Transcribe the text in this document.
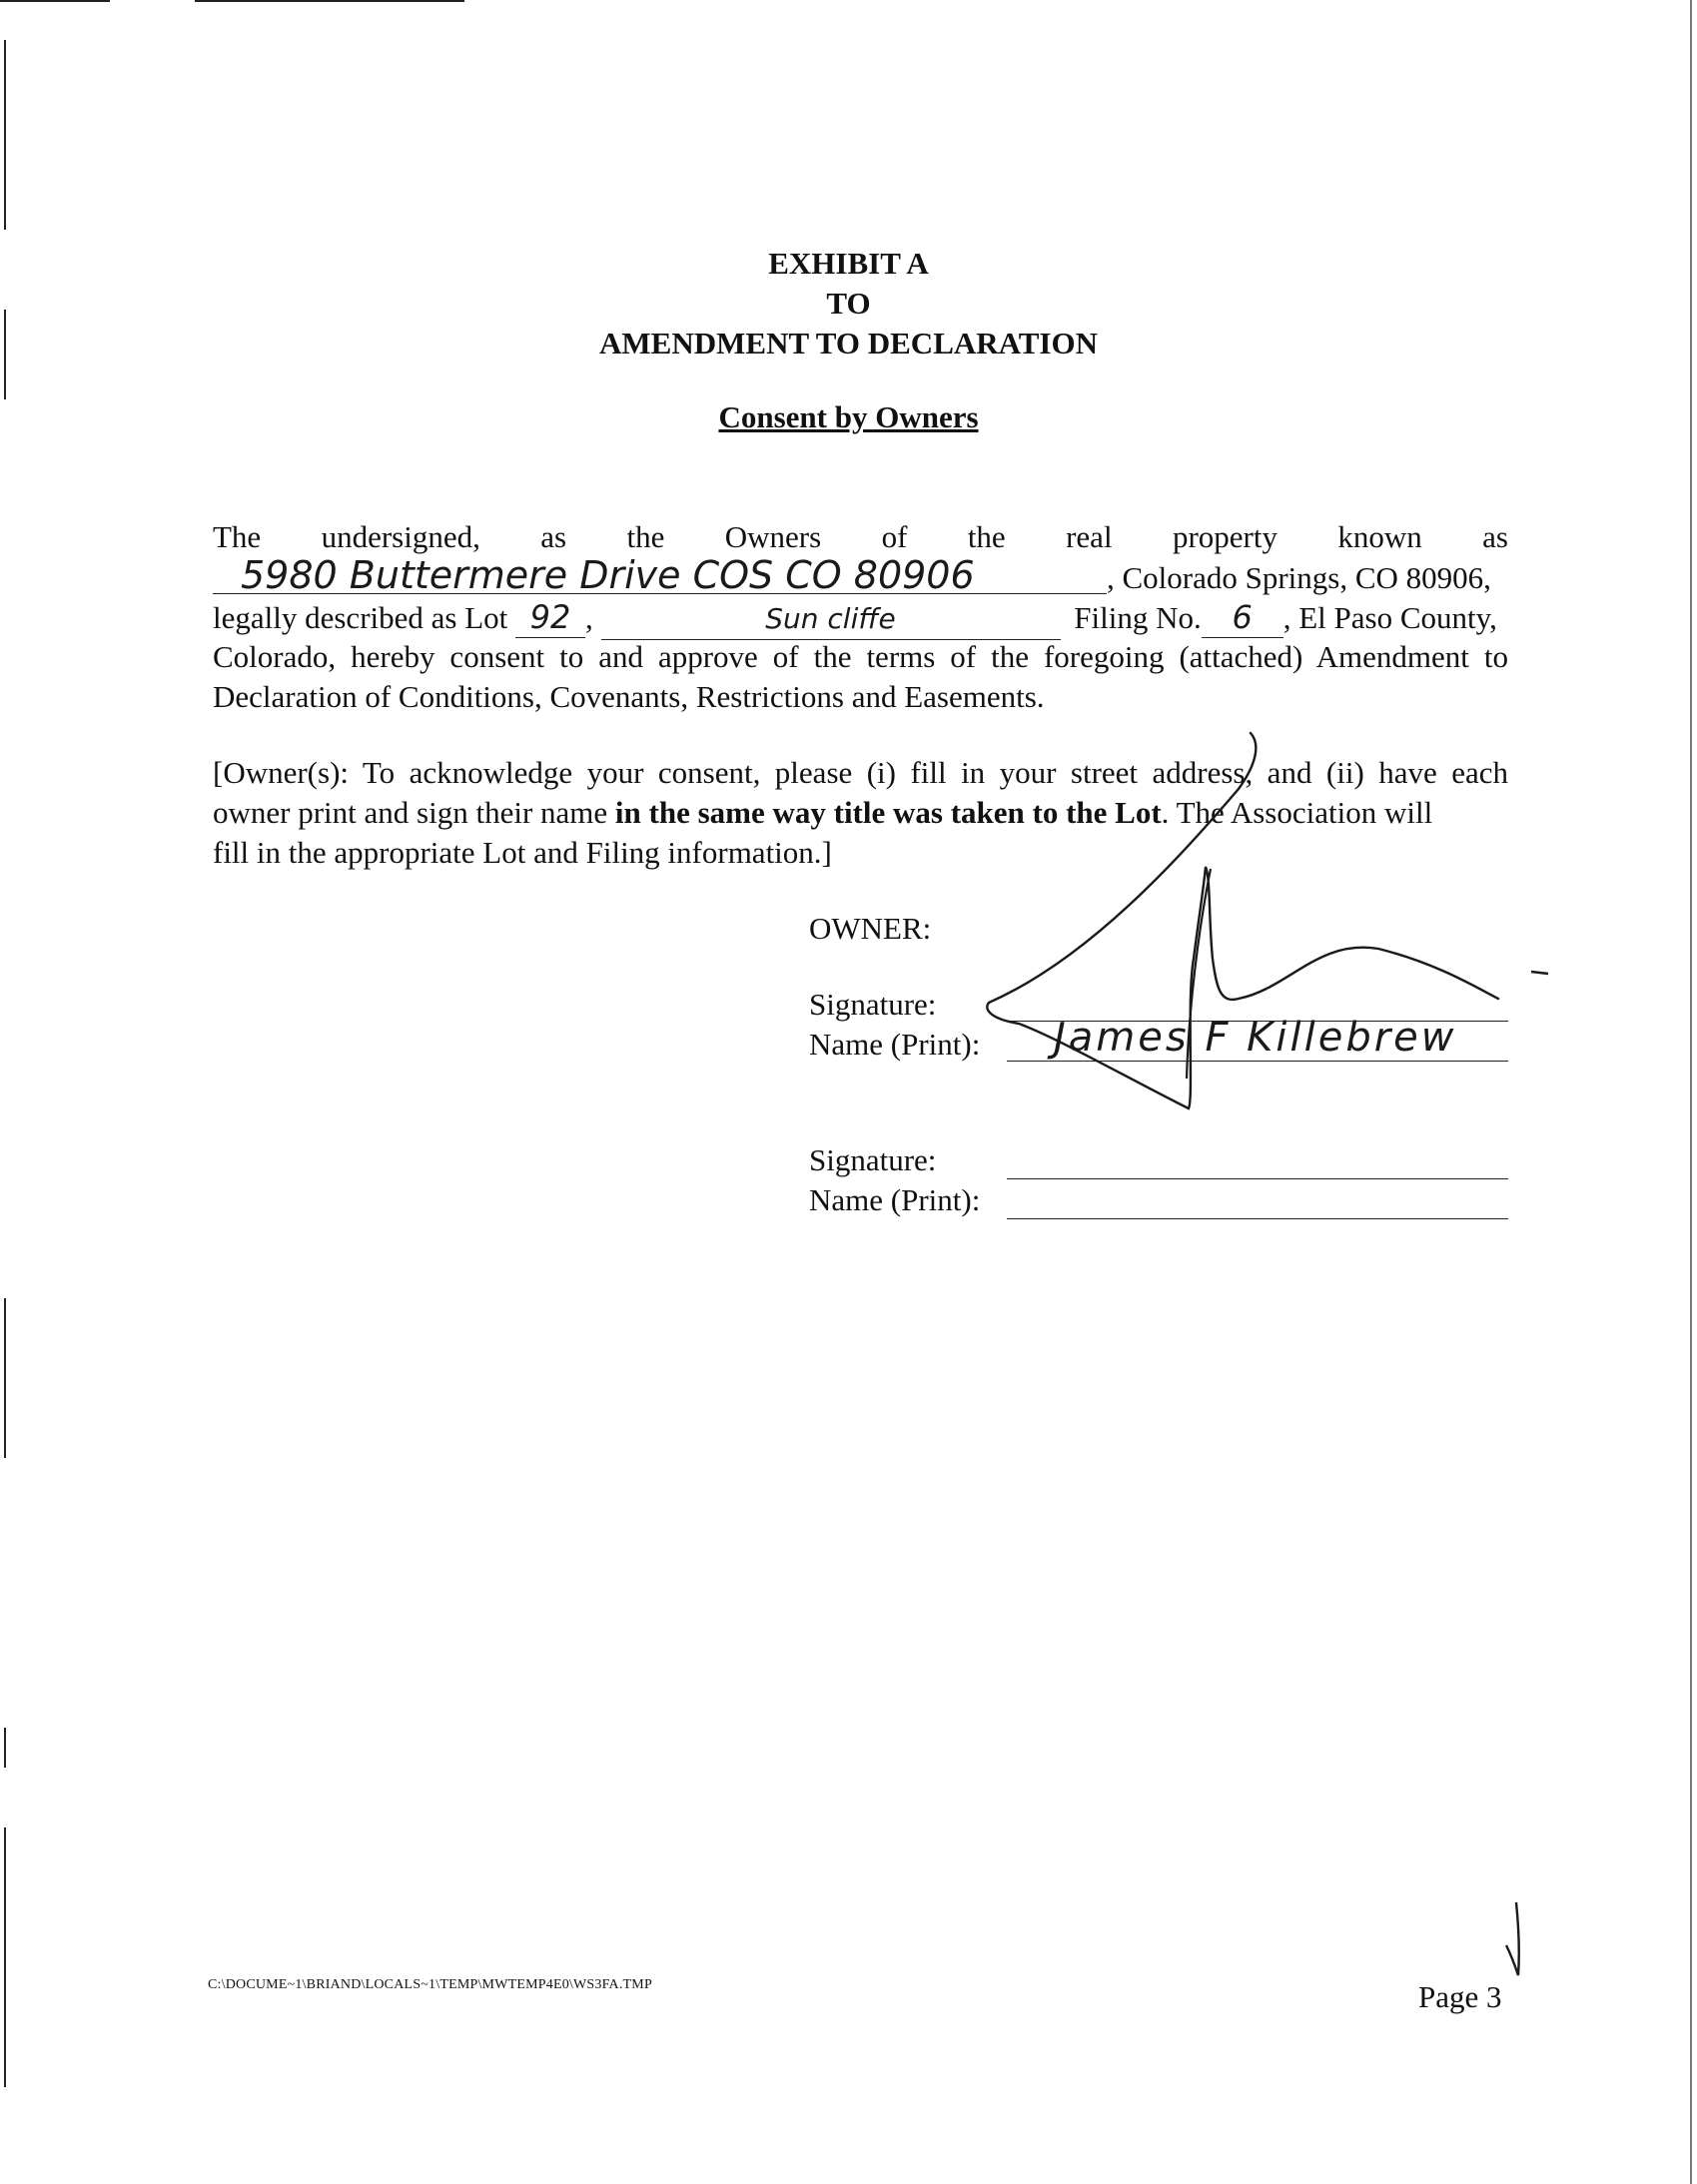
EXHIBIT A
TO
AMENDMENT TO DECLARATION
Consent by Owners
The undersigned, as the Owners of the real property known as
5980 Buttermere Drive COS CO 80906	, Colorado Springs, CO 80906,
legally described as Lot 92 ,	Sun cliffe	Filing No. 6 , El Paso County,
Colorado, hereby consent to and approve of the terms of the foregoing (attached) Amendment to
Declaration of Conditions, Covenants, Restrictions and Easements.
[Owner(s): To acknowledge your consent, please (i) fill in your street address, and (ii) have each
owner print and sign their name in the same way title was taken to the Lot. The Association will
fill in the appropriate Lot and Filing information.]
OWNER:
Signature:
Name (Print): James F Killebrew
Signature:
Name (Print):
C:\DOCUME~1\BRIAND\LOCALS~1\TEMP\MWTEMP4E0\WS3FA.TMP	Page 3
